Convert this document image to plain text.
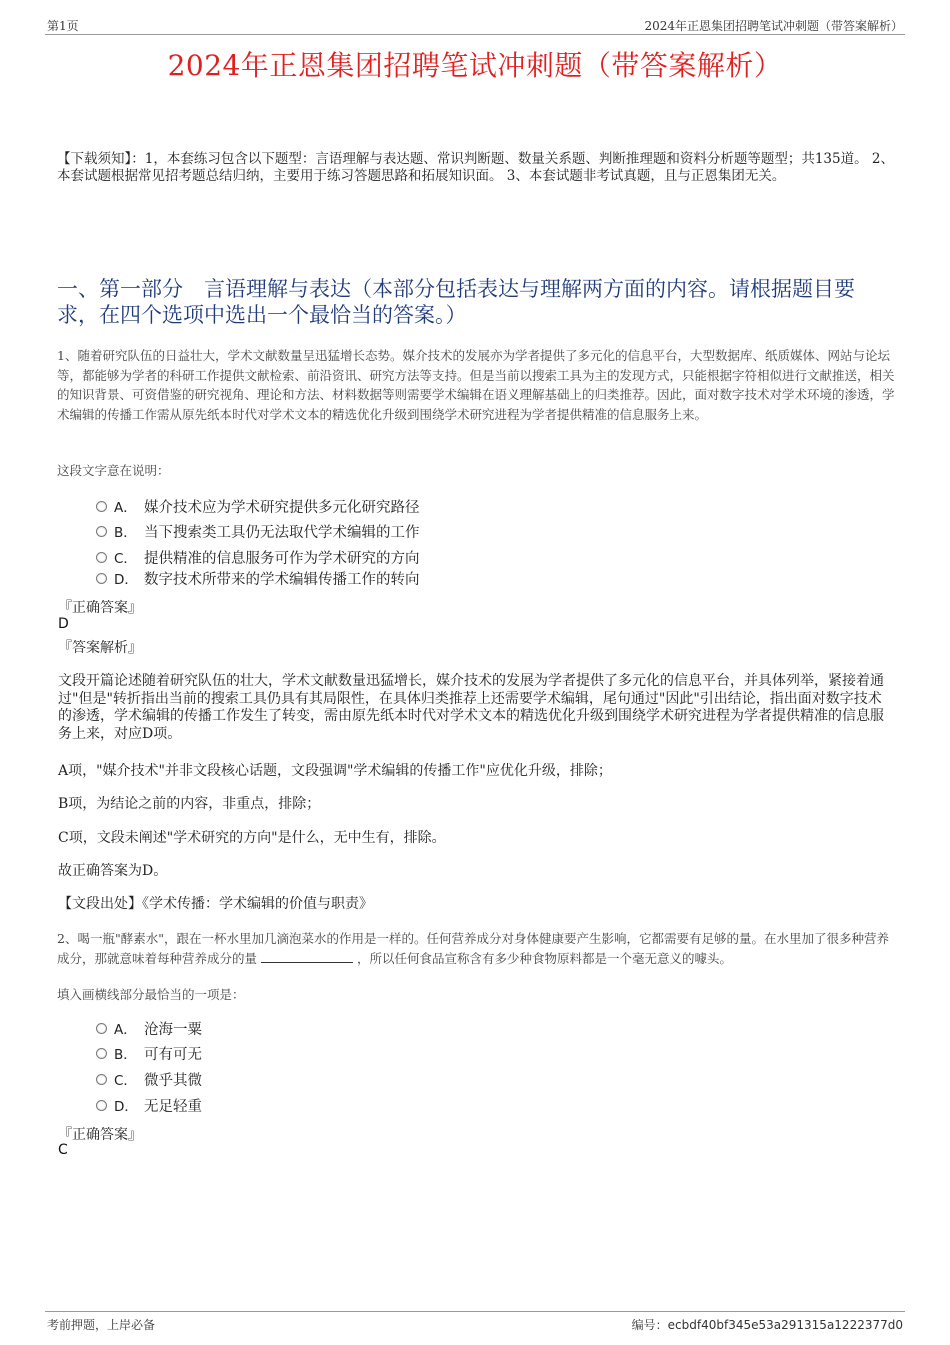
第1页	2024年正恩集团招聘笔试冲刺题（带答案解析）
2024年正恩集团招聘笔试冲刺题（带答案解析）
【下载须知】：1，本套练习包含以下题型：言语理解与表达题、常识判断题、数量关系题、判断推理题和资料分析题等题型；共135道。 2、本套试题根据常见招考题总结归纳，主要用于练习答题思路和拓展知识面。 3、本套试题非考试真题，且与正恩集团无关。
一、第一部分　言语理解与表达（本部分包括表达与理解两方面的内容。请根据题目要求，在四个选项中选出一个最恰当的答案。）
1、随着研究队伍的日益壮大，学术文献数量呈迅猛增长态势。媒介技术的发展亦为学者提供了多元化的信息平台，大型数据库、纸质媒体、网站与论坛等，都能够为学者的科研工作提供文献检索、前沿资讯、研究方法等支持。但是当前以搜索工具为主的发现方式，只能根据字符相似进行文献推送，相关的知识背景、可资借鉴的研究视角、理论和方法、材料数据等则需要学术编辑在语义理解基础上的归类推荐。因此，面对数字技术对学术环境的渗透，学术编辑的传播工作需从原先纸本时代对学术文本的精选优化升级到围绕学术研究进程为学者提供精准的信息服务上来。
这段文字意在说明：
A． 媒介技术应为学术研究提供多元化研究路径
B． 当下搜索类工具仍无法取代学术编辑的工作
C． 提供精准的信息服务可作为学术研究的方向
D． 数字技术所带来的学术编辑传播工作的转向
『正确答案』
D
『答案解析』
文段开篇论述随着研究队伍的壮大，学术文献数量迅猛增长，媒介技术的发展为学者提供了多元化的信息平台，并具体列举，紧接着通过"但是"转折指出当前的搜索工具仍具有其局限性，在具体归类推荐上还需要学术编辑，尾句通过"因此"引出结论，指出面对数字技术的渗透，学术编辑的传播工作发生了转变，需由原先纸本时代对学术文本的精选优化升级到围绕学术研究进程为学者提供精准的信息服务上来，对应D项。
A项，"媒介技术"并非文段核心话题，文段强调"学术编辑的传播工作"应优化升级，排除；
B项，为结论之前的内容，非重点，排除；
C项，文段未阐述"学术研究的方向"是什么，无中生有，排除。
故正确答案为D。
【文段出处】《学术传播：学术编辑的价值与职责》
2、喝一瓶"酵素水"，跟在一杯水里加几滴泡菜水的作用是一样的。任何营养成分对身体健康要产生影响，它都需要有足够的量。在水里加了很多种营养成分，那就意味着每种营养成分的量	，所以任何食品宣称含有多少种食物原料都是一个毫无意义的噱头。
填入画横线部分最恰当的一项是：
A． 沧海一粟
B． 可有可无
C． 微乎其微
D． 无足轻重
『正确答案』
C
考前押题，上岸必备	编号：ecbdf40bf345e53a291315a1222377d0
